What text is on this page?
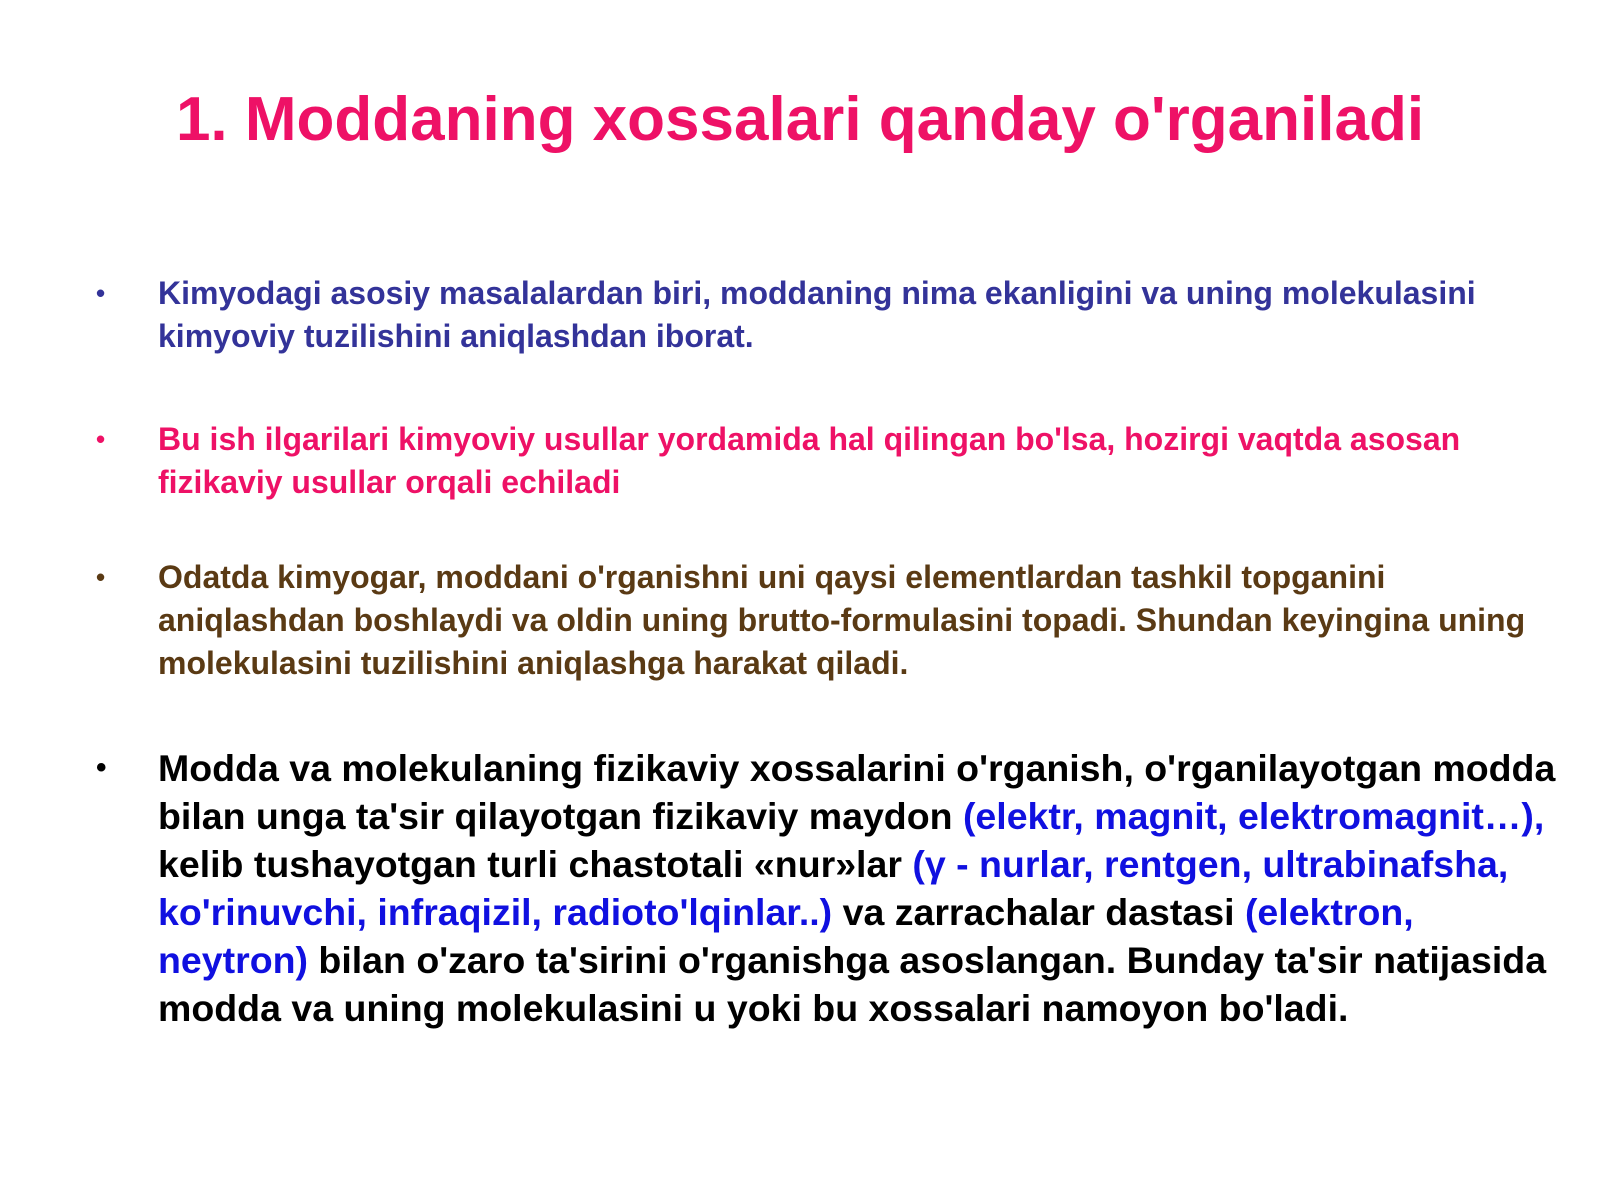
1. Moddaning xossalari qanday o'rganiladi
•	Kimyodagi asosiy masalalardan biri, moddaning nima ekanligini va uning molekulasini kimyoviy tuzilishini aniqlashdan iborat.

•	Bu ish ilgarilari kimyoviy usullar yordamida hal qilingan bo'lsa, hozirgi vaqtda asosan fizikaviy usullar orqali echiladi

•	Odatda kimyogar, moddani o'rganishni uni qaysi elementlardan tashkil topganini aniqlashdan boshlaydi va oldin uning brutto-formulasini topadi. Shundan keyingina uning molekulasini tuzilishini aniqlashga harakat qiladi.

• Modda va molekulaning fizikaviy xossalarini o'rganish, o'rganilayotgan modda bilan unga ta'sir qilayotgan fizikaviy maydon (elektr, magnit, elektromagnit…), kelib tushayotgan turli chastotali «nur»lar (γ - nurlar, rentgen, ultrabinafsha, ko'rinuvchi, infraqizil, radioto'lqinlar..) va zarrachalar dastasi (elektron, neytron) bilan o'zaro ta'sirini o'rganishga asoslangan. Bunday ta'sir natijasida modda va uning molekulasini u yoki bu xossalari namoyon bo'ladi.
